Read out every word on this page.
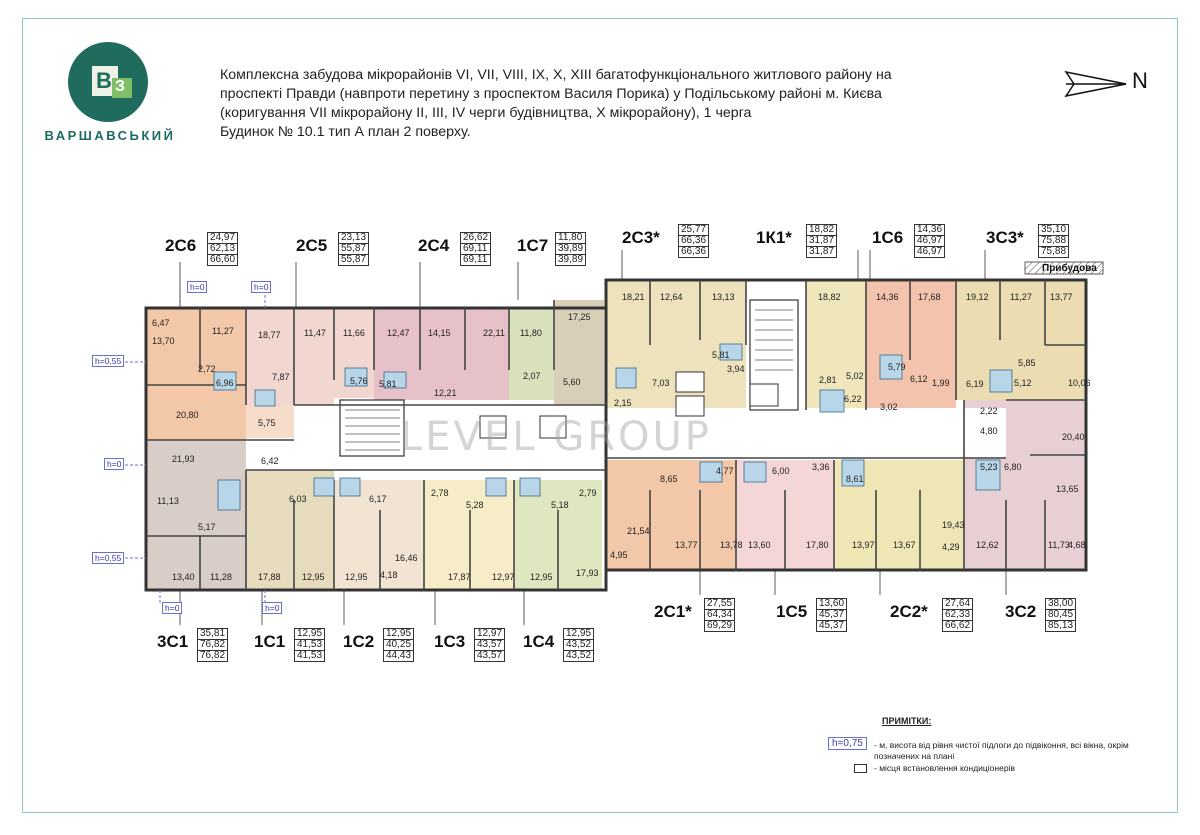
В З
ВАРШАВСЬКИЙ
Комплексна забудова мікрорайонів VI, VII, VIII, IX, X, XIII багатофункціонального житлового району на
проспекті Правди (навпроти перетину з проспектом Василя Порика) у Подільському районі м. Києва
(коригування VII мікрорайону II, III, IV черги будівництва, X мікрорайону), 1 черга
Будинок № 10.1 тип А план 2 поверху.
N
Прибудова
LEVEL GROUP
2С6 24,97
62,13
66,60
2С5 23,13
55,87
55,87
2С4 26,62
69,11
69,11
1С7 11,80
39,89
39,89
2С3* 25,77
66,36
66,36
1К1* 18,82
31,87
31,87
1С6 14,36
46,97
46,97
3С3* 35,10
75,88
75,88
3С1 35,81
76,82
76,82
1С1 12,95
41,53
41,53
1С2 12,95
40,25
44,43
1С3 12,97
43,57
43,57
1С4 12,95
43,52
43,52
2С1* 27,55
64,34
69,29
1С5 13,60
45,37
45,37
2С2* 27,64
62,33
66,62
3С2 38,00
80,45
85,13
6,47
13,70
11,27
2,72
6,96
20,80
18,77
7,87
11,47 11,66
5,76 5,81
12,47 14,15	22,11
12,21
11,80
17,25
2,07
5,60
18,21 12,64	13,13
5,81
3,94
7,03
2,15
18,82
2,81 5,02
14,36 17,68
5,79
6,12
19,12 11,27 13,77
5,85
10,06
6,22
3,02
1,99 6,19	5,12
2,22
4,80
20,40
5,75
21,93	6,42
11,13	6,03	6,17
2,78
5,28
2,79
5,18
5,17
16,46
13,40 11,28	17,88 12,95 12,95 4,18	17,87 12,97 12,95	17,93
8,65
4,77	6,00 3,36
8,61
5,23 6,80
13,65
21,54
4,95
13,77 13,78 13,60	17,80	13,97 13,67
19,43
4,29 12,62	11,73
4,68
h=0	h=0
h=0,55
h=0
h=0,55
h=0	h=0
ПРИМІТКИ:
h=0,75	- м, висота від рівня чистої підлоги до підвіконня, всі вікна, окрім позначених на плані
- місця встановлення кондиціонерів
